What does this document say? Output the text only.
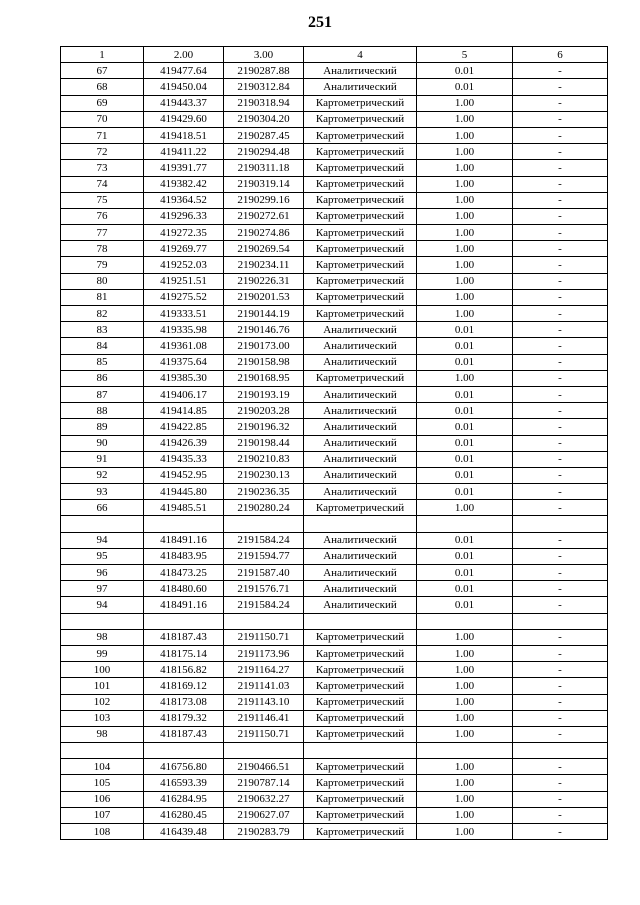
251
1	2.00	3.00	4	5	6
67	419477.64	2190287.88	Аналитический	0.01	-
68	419450.04	2190312.84	Аналитический	0.01	-
69	419443.37	2190318.94	Картометрический	1.00	-
70	419429.60	2190304.20	Картометрический	1.00	-
71	419418.51	2190287.45	Картометрический	1.00	-
72	419411.22	2190294.48	Картометрический	1.00	-
73	419391.77	2190311.18	Картометрический	1.00	-
74	419382.42	2190319.14	Картометрический	1.00	-
75	419364.52	2190299.16	Картометрический	1.00	-
76	419296.33	2190272.61	Картометрический	1.00	-
77	419272.35	2190274.86	Картометрический	1.00	-
78	419269.77	2190269.54	Картометрический	1.00	-
79	419252.03	2190234.11	Картометрический	1.00	-
80	419251.51	2190226.31	Картометрический	1.00	-
81	419275.52	2190201.53	Картометрический	1.00	-
82	419333.51	2190144.19	Картометрический	1.00	-
83	419335.98	2190146.76	Аналитический	0.01	-
84	419361.08	2190173.00	Аналитический	0.01	-
85	419375.64	2190158.98	Аналитический	0.01	-
86	419385.30	2190168.95	Картометрический	1.00	-
87	419406.17	2190193.19	Аналитический	0.01	-
88	419414.85	2190203.28	Аналитический	0.01	-
89	419422.85	2190196.32	Аналитический	0.01	-
90	419426.39	2190198.44	Аналитический	0.01	-
91	419435.33	2190210.83	Аналитический	0.01	-
92	419452.95	2190230.13	Аналитический	0.01	-
93	419445.80	2190236.35	Аналитический	0.01	-
66	419485.51	2190280.24	Картометрический	1.00	-

94	418491.16	2191584.24	Аналитический	0.01	-
95	418483.95	2191594.77	Аналитический	0.01	-
96	418473.25	2191587.40	Аналитический	0.01	-
97	418480.60	2191576.71	Аналитический	0.01	-
94	418491.16	2191584.24	Аналитический	0.01	-

98	418187.43	2191150.71	Картометрический	1.00	-
99	418175.14	2191173.96	Картометрический	1.00	-
100	418156.82	2191164.27	Картометрический	1.00	-
101	418169.12	2191141.03	Картометрический	1.00	-
102	418173.08	2191143.10	Картометрический	1.00	-
103	418179.32	2191146.41	Картометрический	1.00	-
98	418187.43	2191150.71	Картометрический	1.00	-

104	416756.80	2190466.51	Картометрический	1.00	-
105	416593.39	2190787.14	Картометрический	1.00	-
106	416284.95	2190632.27	Картометрический	1.00	-
107	416280.45	2190627.07	Картометрический	1.00	-
108	416439.48	2190283.79	Картометрический	1.00	-
